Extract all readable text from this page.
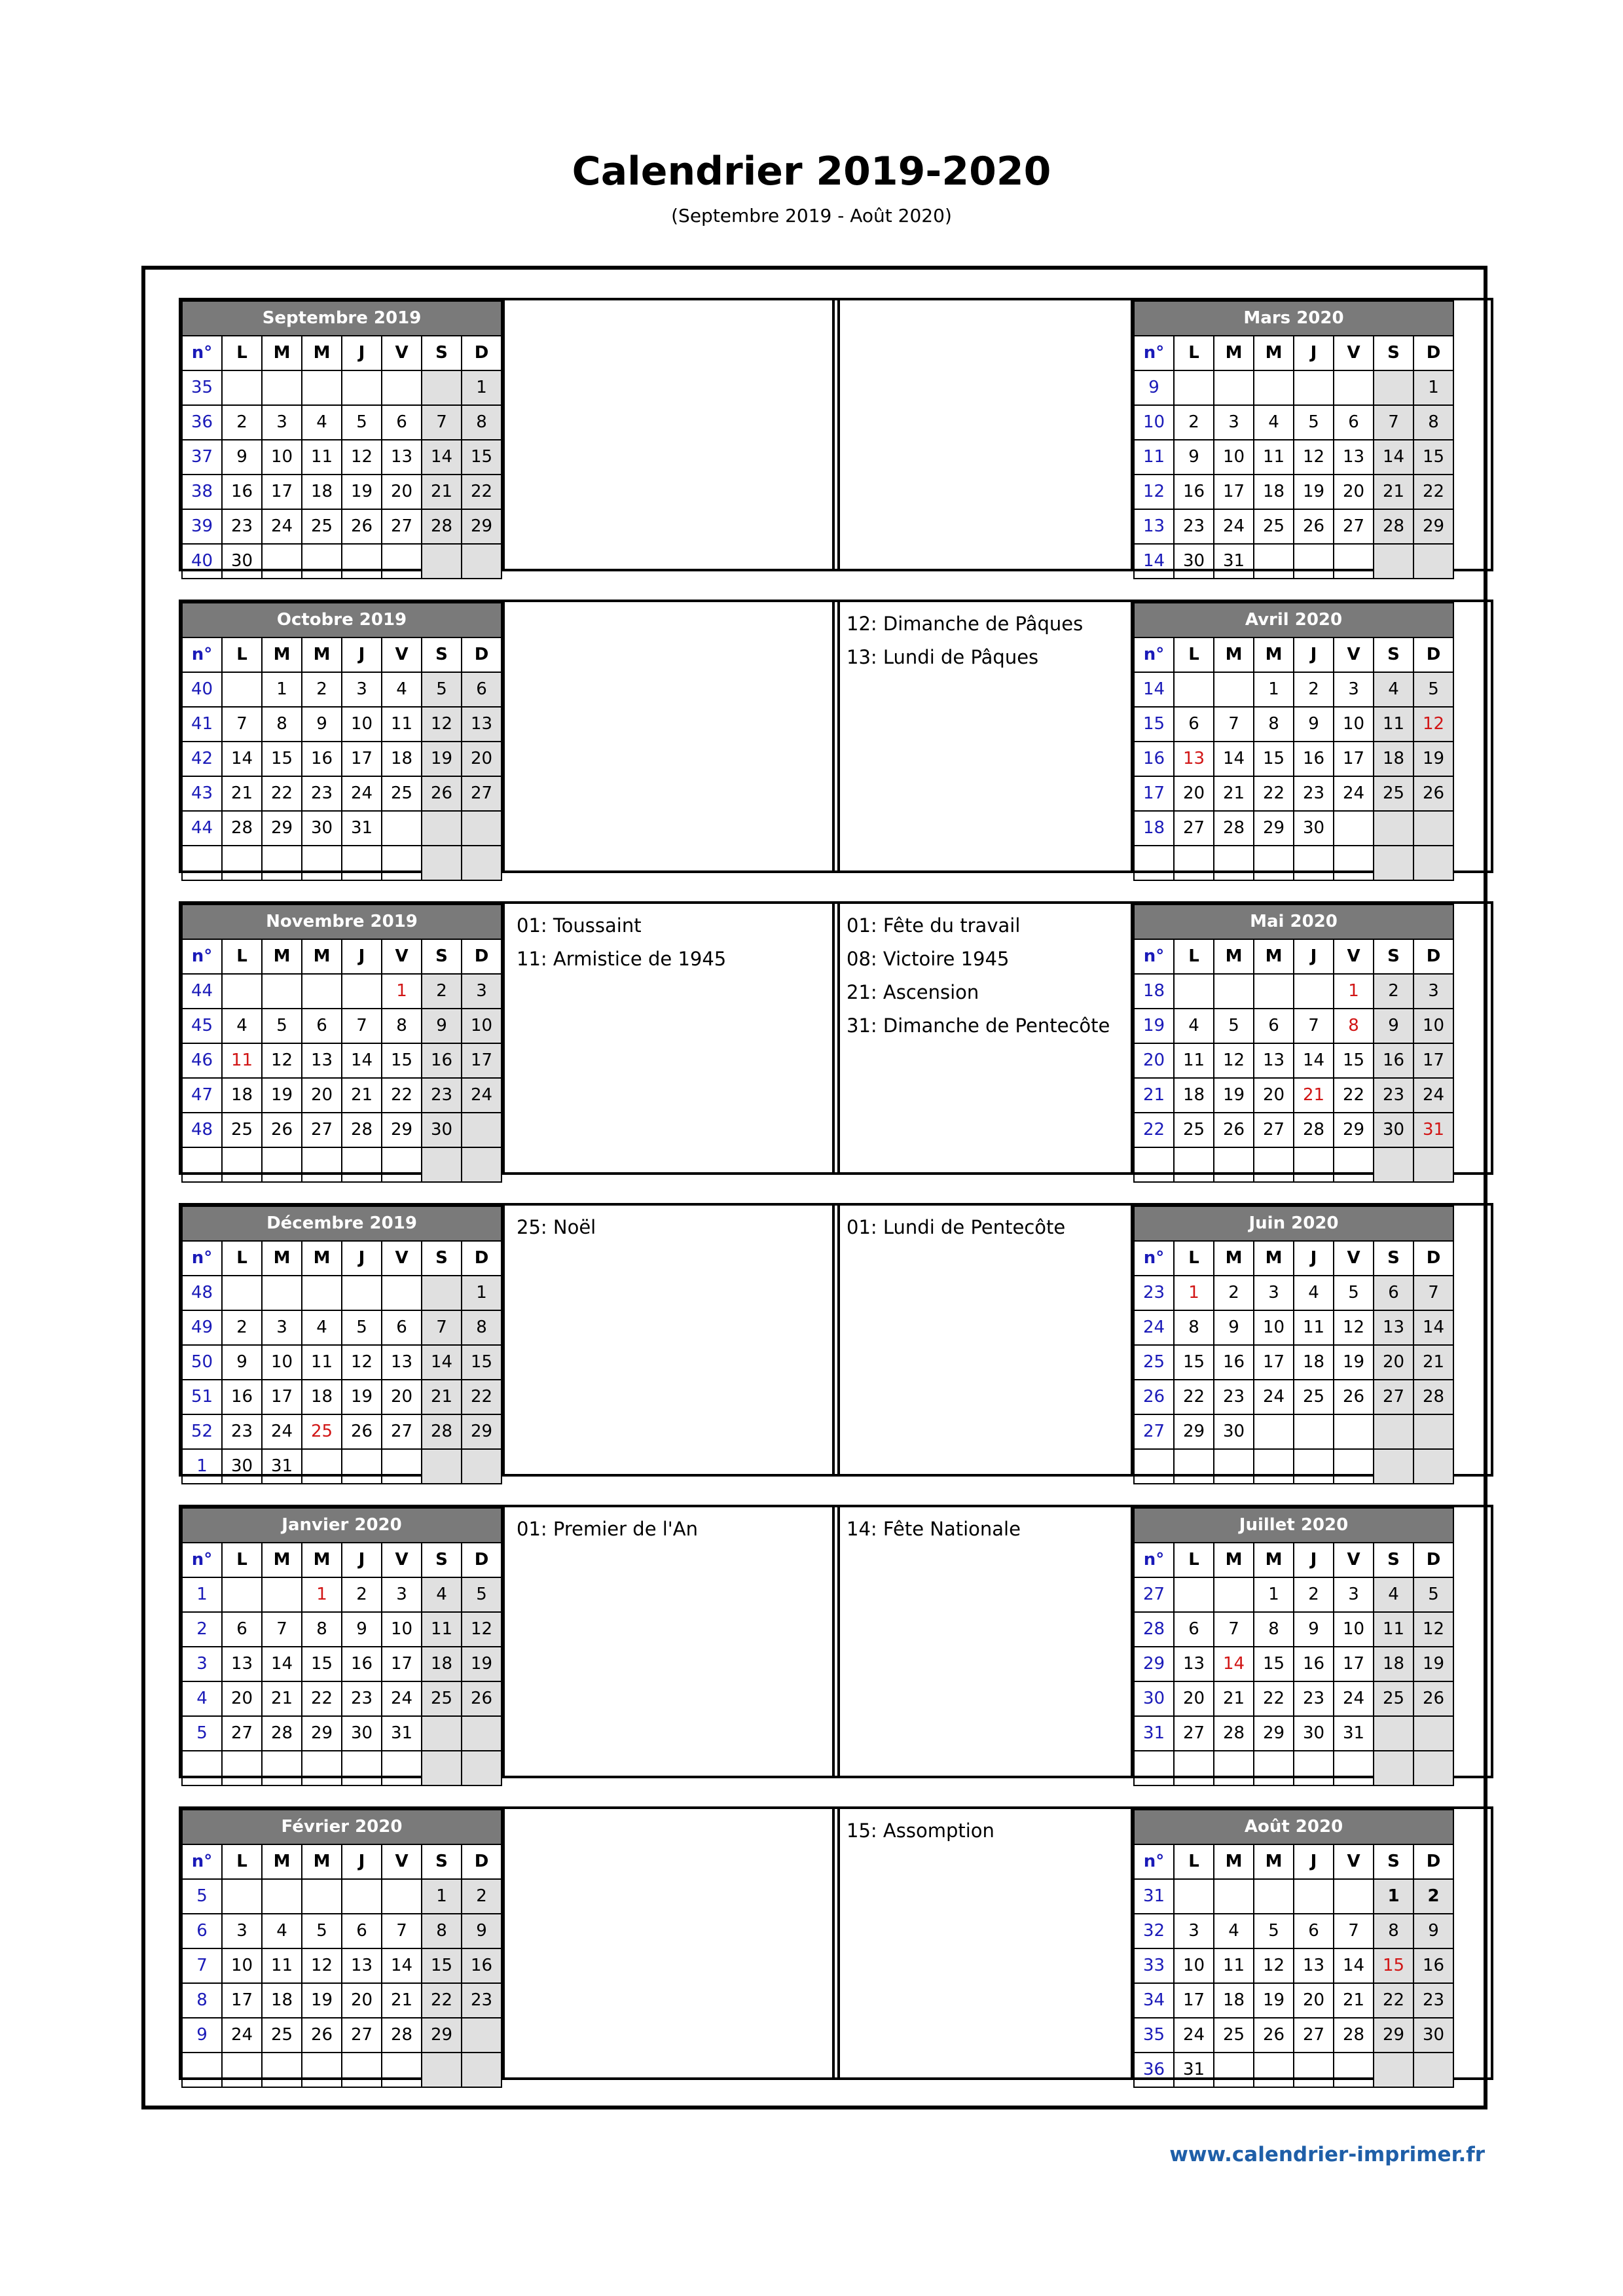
Calendrier 2019-2020
(Septembre 2019 - Août 2020)
Septembre 2019							
n°	L	M	M	J	V	S	D
35							1
36	2	3	4	5	6	7	8
37	9	10	11	12	13	14	15
38	16	17	18	19	20	21	22
39	23	24	25	26	27	28	29
40	30						
Mars 2020							
n°	L	M	M	J	V	S	D
9							1
10	2	3	4	5	6	7	8
11	9	10	11	12	13	14	15
12	16	17	18	19	20	21	22
13	23	24	25	26	27	28	29
14	30	31					
Octobre 2019							
n°	L	M	M	J	V	S	D
40		1	2	3	4	5	6
41	7	8	9	10	11	12	13
42	14	15	16	17	18	19	20
43	21	22	23	24	25	26	27
44	28	29	30	31			

12: Dimanche de Pâques
13: Lundi de Pâques
Avril 2020							
n°	L	M	M	J	V	S	D
14			1	2	3	4	5
15	6	7	8	9	10	11	12
16	13	14	15	16	17	18	19
17	20	21	22	23	24	25	26
18	27	28	29	30			

Novembre 2019							
n°	L	M	M	J	V	S	D
44					1	2	3
45	4	5	6	7	8	9	10
46	11	12	13	14	15	16	17
47	18	19	20	21	22	23	24
48	25	26	27	28	29	30	

01: Toussaint
11: Armistice de 1945
01: Fête du travail
08: Victoire 1945
21: Ascension
31: Dimanche de Pentecôte
Mai 2020							
n°	L	M	M	J	V	S	D
18					1	2	3
19	4	5	6	7	8	9	10
20	11	12	13	14	15	16	17
21	18	19	20	21	22	23	24
22	25	26	27	28	29	30	31

Décembre 2019							
n°	L	M	M	J	V	S	D
48							1
49	2	3	4	5	6	7	8
50	9	10	11	12	13	14	15
51	16	17	18	19	20	21	22
52	23	24	25	26	27	28	29
1	30	31					
25: Noël	01: Lundi de Pentecôte	Juin 2020							
n°	L	M	M	J	V	S	D
23	1	2	3	4	5	6	7
24	8	9	10	11	12	13	14
25	15	16	17	18	19	20	21
26	22	23	24	25	26	27	28
27	29	30					

Janvier 2020							
n°	L	M	M	J	V	S	D
1			1	2	3	4	5
2	6	7	8	9	10	11	12
3	13	14	15	16	17	18	19
4	20	21	22	23	24	25	26
5	27	28	29	30	31		

01: Premier de l'An	14: Fête Nationale	Juillet 2020							
n°	L	M	M	J	V	S	D
27			1	2	3	4	5
28	6	7	8	9	10	11	12
29	13	14	15	16	17	18	19
30	20	21	22	23	24	25	26
31	27	28	29	30	31		

Février 2020							
n°	L	M	M	J	V	S	D
5						1	2
6	3	4	5	6	7	8	9
7	10	11	12	13	14	15	16
8	17	18	19	20	21	22	23
9	24	25	26	27	28	29	

15: Assomption	Août 2020							
n°	L	M	M	J	V	S	D
31						1	2
32	3	4	5	6	7	8	9
33	10	11	12	13	14	15	16
34	17	18	19	20	21	22	23
35	24	25	26	27	28	29	30
36	31						
www.calendrier-imprimer.fr
